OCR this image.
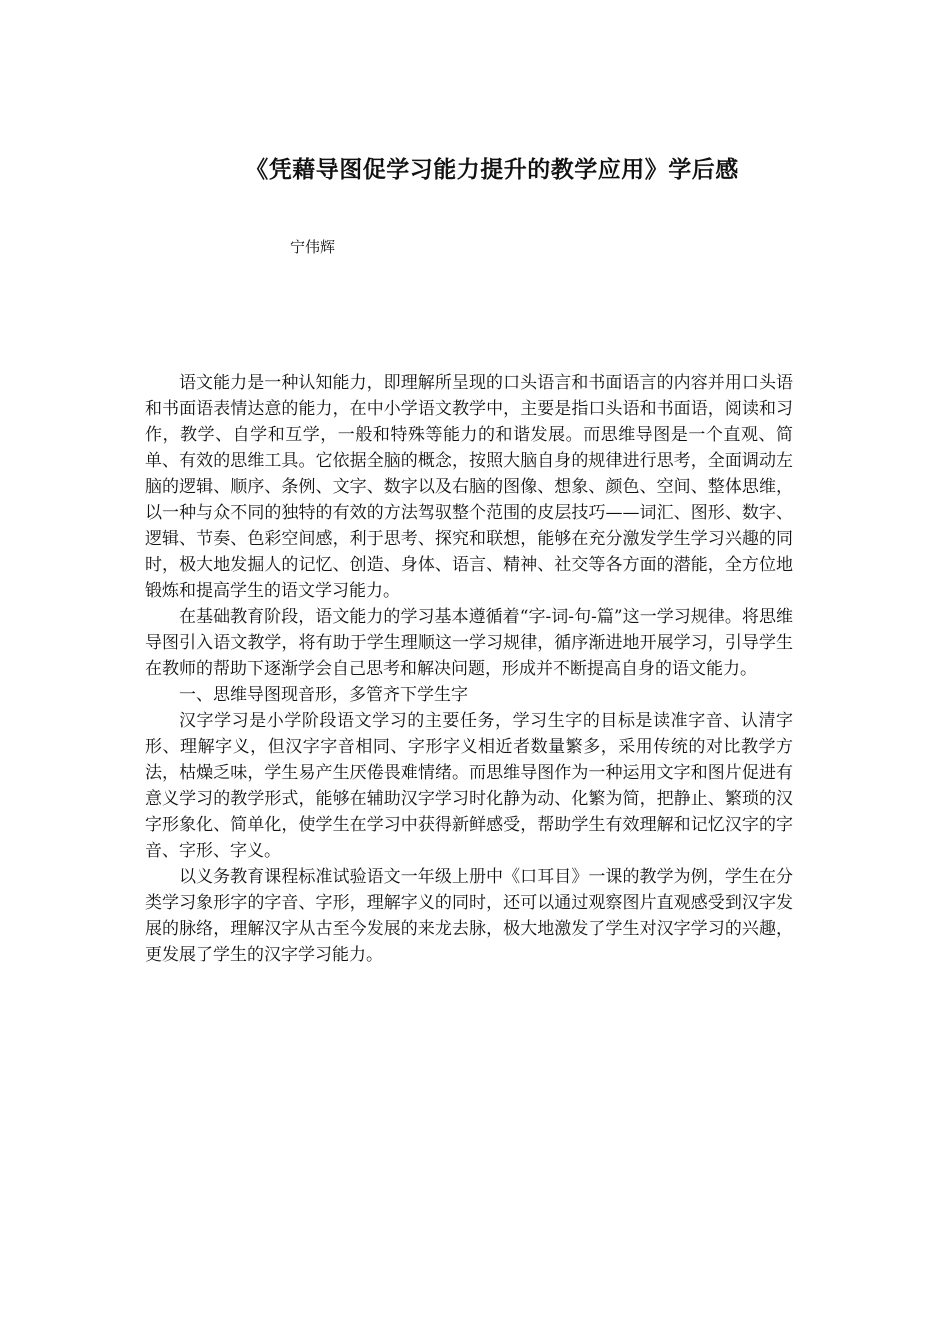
《凭藉导图促学习能力提升的教学应用》学后感
宁伟辉

语文能力是一种认知能力，即理解所呈现的口头语言和书面语言的内容并用口头语和书面语表情达意的能力，在中小学语文教学中，主要是指口头语和书面语，阅读和习作，教学、自学和互学，一般和特殊等能力的和谐发展。而思维导图是一个直观、简单、有效的思维工具。它依据全脑的概念，按照大脑自身的规律进行思考，全面调动左脑的逻辑、顺序、条例、文字、数字以及右脑的图像、想象、颜色、空间、整体思维，以一种与众不同的独特的有效的方法驾驭整个范围的皮层技巧——词汇、图形、数字、逻辑、节奏、色彩空间感，利于思考、探究和联想，能够在充分激发学生学习兴趣的同时，极大地发掘人的记忆、创造、身体、语言、精神、社交等各方面的潜能，全方位地锻炼和提高学生的语文学习能力。

在基础教育阶段，语文能力的学习基本遵循着“字-词-句-篇”这一学习规律。将思维导图引入语文教学，将有助于学生理顺这一学习规律，循序渐进地开展学习，引导学生在教师的帮助下逐渐学会自己思考和解决问题，形成并不断提高自身的语文能力。

一、思维导图现音形，多管齐下学生字

汉字学习是小学阶段语文学习的主要任务，学习生字的目标是读准字音、认清字形、理解字义，但汉字字音相同、字形字义相近者数量繁多，采用传统的对比教学方法，枯燥乏味，学生易产生厌倦畏难情绪。而思维导图作为一种运用文字和图片促进有意义学习的教学形式，能够在辅助汉字学习时化静为动、化繁为简，把静止、繁琐的汉字形象化、简单化，使学生在学习中获得新鲜感受，帮助学生有效理解和记忆汉字的字音、字形、字义。

以义务教育课程标准试验语文一年级上册中《口耳目》一课的教学为例，学生在分类学习象形字的字音、字形，理解字义的同时，还可以通过观察图片直观感受到汉字发展的脉络，理解汉字从古至今发展的来龙去脉，极大地激发了学生对汉字学习的兴趣，更发展了学生的汉字学习能力。
